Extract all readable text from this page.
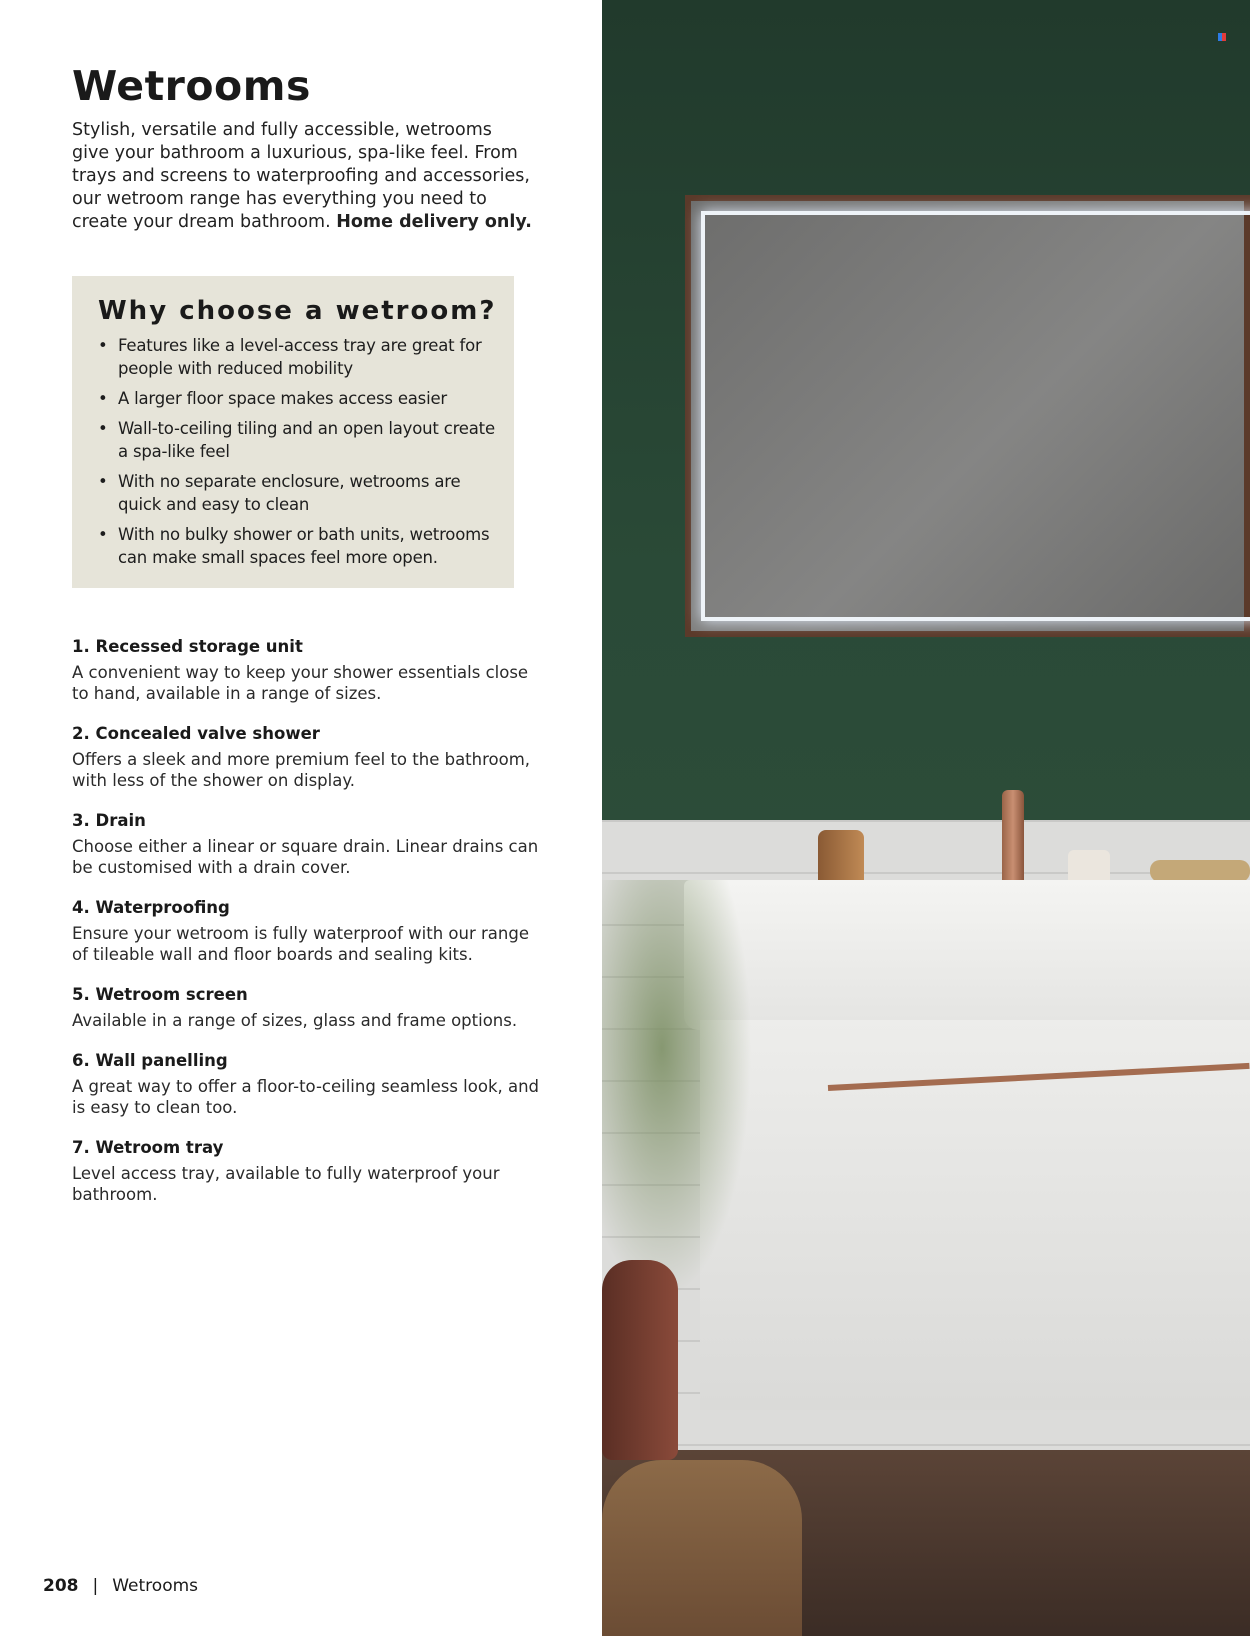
Wetrooms

Stylish, versatile and fully accessible, wetrooms give your bathroom a luxurious, spa-like feel. From trays and screens to waterproofing and accessories, our wetroom range has everything you need to create your dream bathroom. Home delivery only.

Why choose a wetroom?
• Features like a level-access tray are great for people with reduced mobility
• A larger floor space makes access easier
• Wall-to-ceiling tiling and an open layout create a spa-like feel
• With no separate enclosure, wetrooms are quick and easy to clean
• With no bulky shower or bath units, wetrooms can make small spaces feel more open.
1. Recessed storage unit
A convenient way to keep your shower essentials close to hand, available in a range of sizes.
2. Concealed valve shower
Offers a sleek and more premium feel to the bathroom, with less of the shower on display.
3. Drain
Choose either a linear or square drain. Linear drains can be customised with a drain cover.
4. Waterproofing
Ensure your wetroom is fully waterproof with our range of tileable wall and floor boards and sealing kits.
5. Wetroom screen
Available in a range of sizes, glass and frame options.
6. Wall panelling
A great way to offer a floor-to-ceiling seamless look, and is easy to clean too.
7. Wetroom tray
Level access tray, available to fully waterproof your bathroom.
208 | Wetrooms
